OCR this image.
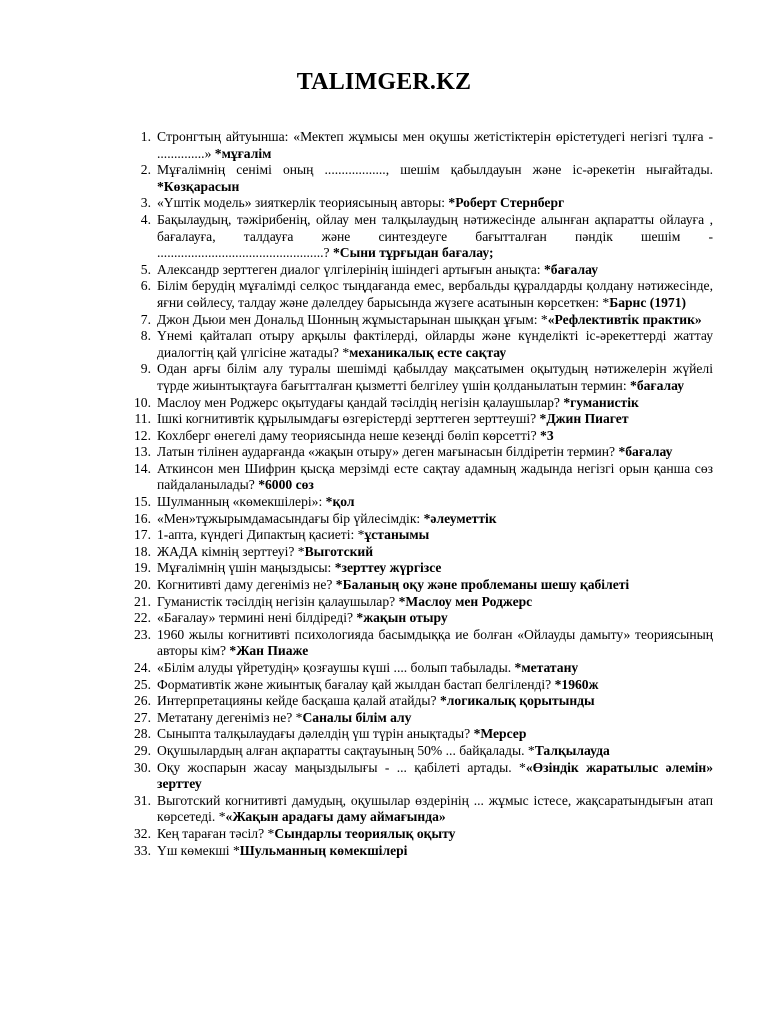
TALIMGER.KZ
1. Cтронгтың айтуынша: «Мектеп жұмысы мен оқушы жетістіктерін өрістетудегі негізгі тұлға - ..............» *мұғалім
2. Мұғалімнің сенімі оның .................., шешім қабылдауын және іс-әрекетін нығайтады. *Көзқарасын
3. «Үштік модель» зияткерлік теориясының авторы: *Роберт Стернберг
4. Бақылаудың, тәжірибенің, ойлау мен талқылаудың нәтижесінде алынған ақпаратты ойлауға , бағалауға, талдауға және синтездеуге бағытталған пәндік шешім - .................................................? *Сыни тұрғыдан бағалау;
5. Александр зерттеген диалог үлгілерінің ішіндегі артығын анықта: *бағалау
6. Білім берудің мұғалімді селқос тыңдағанда емес, вербальды құралдарды қолдану нәтижесінде, яғни сөйлесу, талдау және дәлелдеу барысында жүзеге асатынын көрсеткен: *Барнс (1971)
7. Джон Дьюи мен Дональд Шонның жұмыстарынан шыққан ұғым: *«Рефлективтік практик»
8. Үнемі қайталап отыру арқылы фактілерді, ойларды және күнделікті іс-әрекеттерді жаттау диалогтің қай үлгісіне жатады? *механикалық есте сақтау
9. Одан арғы білім алу туралы шешімді қабылдау мақсатымен оқытудың нәтижелерін жүйелі түрде жиынтықтауға бағытталған қызметті белгілеу үшін қолданылатын термин: *бағалау
10. Маслоу мен Роджерс оқытудағы қандай тәсілдің негізін қалаушылар? *гуманистік
11. Ішкі когнитивтік құрылымдағы өзгерістерді зерттеген зерттеуші? *Джин Пиагет
12. Кохлберг өнегелі даму теориясында неше кезеңді бөліп көрсетті? *3
13. Латын тілінен аударғанда «жақын отыру» деген мағынасын білдіретін термин? *бағалау
14. Аткинсон мен Шифрин қысқа мерзімді есте сақтау адамның жадында негізгі орын қанша сөз пайдаланылады? *6000 сөз
15. Шулманның «көмекшілері»: *қол
16. «Мен»тұжырымдамасындағы бір үйлесімдік: *әлеуметтік
17. 1-апта, күндегі Дипактың қасиеті: *ұстанымы
18. ЖАДА кімнің зерттеуі? *Выготский
19. Мұғалімнің үшін маңыздысы: *зерттеу жүргізсе
20. Когнитивті даму дегеніміз не? *Баланың оқу және проблеманы шешу қабілеті
21. Гуманистік тәсілдің негізін қалаушылар? *Маслоу мен Роджерс
22. «Бағалау» термині нені білдіреді? *жақын отыру
23. 1960 жылы когнитивті психологияда басымдыққа ие болған «Ойлауды дамыту» теориясының авторы кім? *Жан Пиаже
24. «Білім алуды үйретудің» қозғаушы күші .... болып табылады. *метатану
25. Формативтік және жиынтық бағалау қай жылдан бастап белгіленді? *1960ж
26. Интерпретацияны кейде басқаша қалай атайды? *логикалық қорытынды
27. Метатану дегеніміз не? *Саналы білім алу
28. Сыныпта талқылаудағы дәлелдің үш түрін анықтады? *Мерсер
29. Оқушылардың алған ақпаратты сақтауының 50% ... байқалады. *Талқылауда
30. Оқу жоспарын жасау маңыздылығы - ... қабілеті артады. *«Өзіндік жаратылыс әлемін» зерттеу
31. Выготский когнитивті дамудың, оқушылар өздерінің ... жұмыс істесе, жақсаратындығын атап көрсетеді. *«Жақын арадағы даму аймағында»
32. Кең тараған тәсіл? *Сындарлы теориялық оқыту
33. Үш көмекші *Шульманның көмекшілері
